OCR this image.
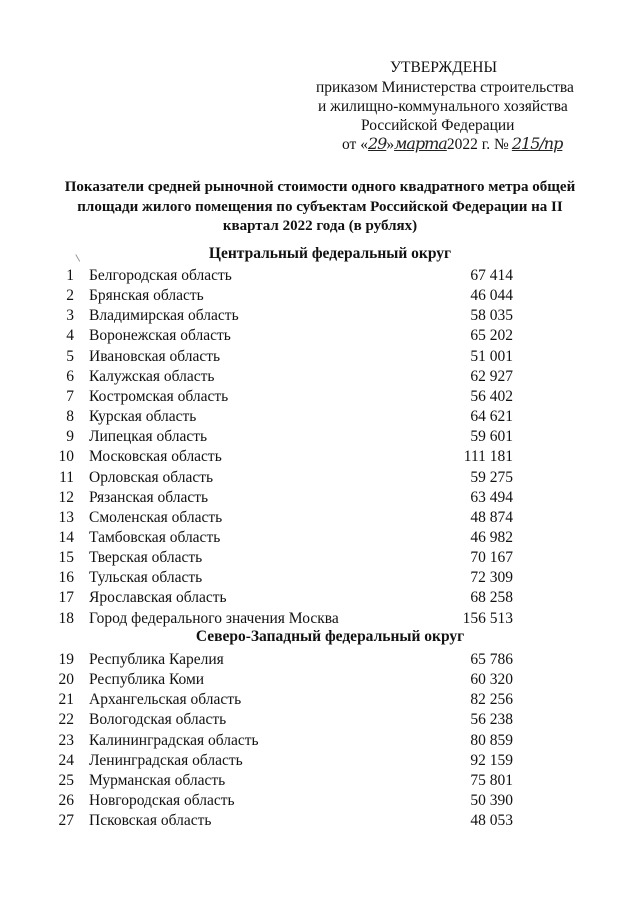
УТВЕРЖДЕНЫ
приказом Министерства строительства
и жилищно-коммунального хозяйства
Российской Федерации
от « 29 » марта 2022 г. № 215/пр
Показатели средней рыночной стоимости одного квадратного метра общей площади жилого помещения по субъектам Российской Федерации на II квартал 2022 года (в рублях)
Центральный федеральный округ
1 Белгородская область	67 414
2 Брянская область	46 044
3 Владимирская область	58 035
4 Воронежская область	65 202
5 Ивановская область	51 001
6 Калужская область	62 927
7 Костромская область	56 402
8 Курская область	64 621
9 Липецкая область	59 601
10 Московская область	111 181
11 Орловская область	59 275
12 Рязанская область	63 494
13 Смоленская область	48 874
14 Тамбовская область	46 982
15 Тверская область	70 167
16 Тульская область	72 309
17 Ярославская область	68 258
18 Город федерального значения Москва	156 513
Северо-Западный федеральный округ
19 Республика Карелия	65 786
20 Республика Коми	60 320
21 Архангельская область	82 256
22 Вологодская область	56 238
23 Калининградская область	80 859
24 Ленинградская область	92 159
25 Мурманская область	75 801
26 Новгородская область	50 390
27 Псковская область	48 053
